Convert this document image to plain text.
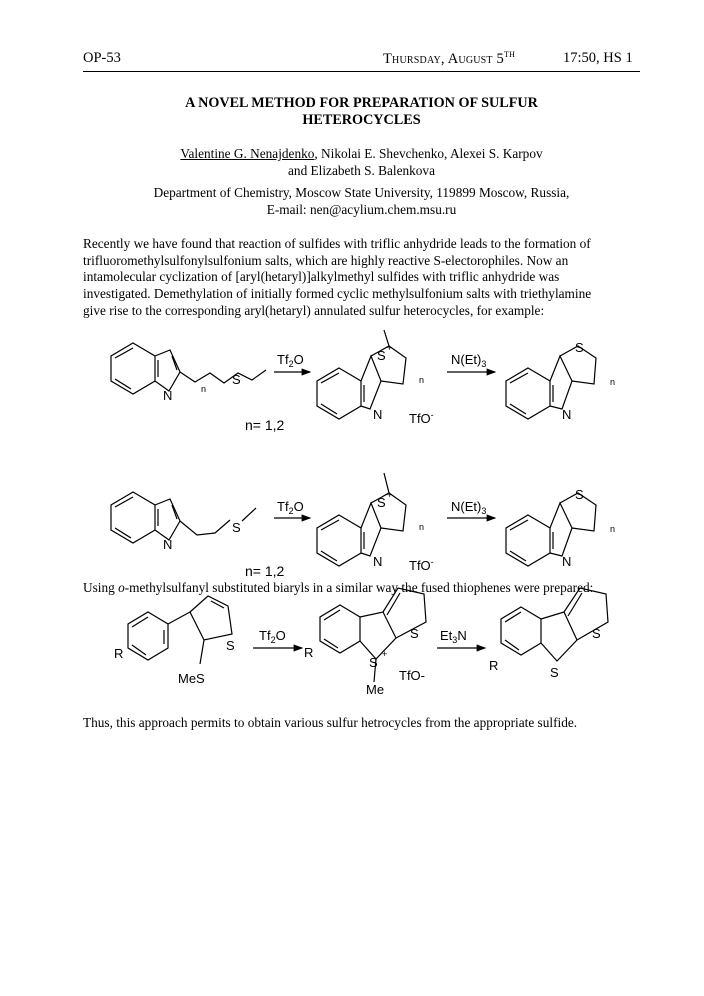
OP-53	Thursday, August 5TH	17:50, HS 1
A NOVEL METHOD FOR PREPARATION OF SULFUR
HETEROCYCLES
Valentine G. Nenajdenko, Nikolai E. Shevchenko, Alexei S. Karpov
and Elizabeth S. Balenkova
Department of Chemistry, Moscow State University, 119899 Moscow, Russia,
E-mail: nen@acylium.chem.msu.ru
Recently we have found that reaction of sulfides with triflic anhydride leads to the formation of
trifluoromethylsulfonylsulfonium salts, which are highly reactive S-electorophiles. Now an
intamolecular cyclization of [aryl(hetaryl)]alkylmethyl sulfides with triflic anhydride was
investigated. Demethylation of initially formed cyclic methylsulfonium salts with triethylamine
give rise to the corresponding aryl(hetaryl) annulated sulfur heterocycles, for example:
N	n
S
$Tf_2O$	S +
n
N TfO-
n= 1,2
$N(Et)_3$
S
n
N
N
S
$Tf_2O$	S +
n
N TfO-
n= 1,2
$N(Et)_3$
S
n
N
R
S
MeS
$Tf_2O$
R
S
S
+
Me
TfO-
$Et_3N$
R
S
S
Using o-methylsulfanyl substituted biaryls in a similar way the fused thiophenes were prepared:
Thus, this approach permits to obtain various sulfur hetrocycles from the appropriate sulfide.
